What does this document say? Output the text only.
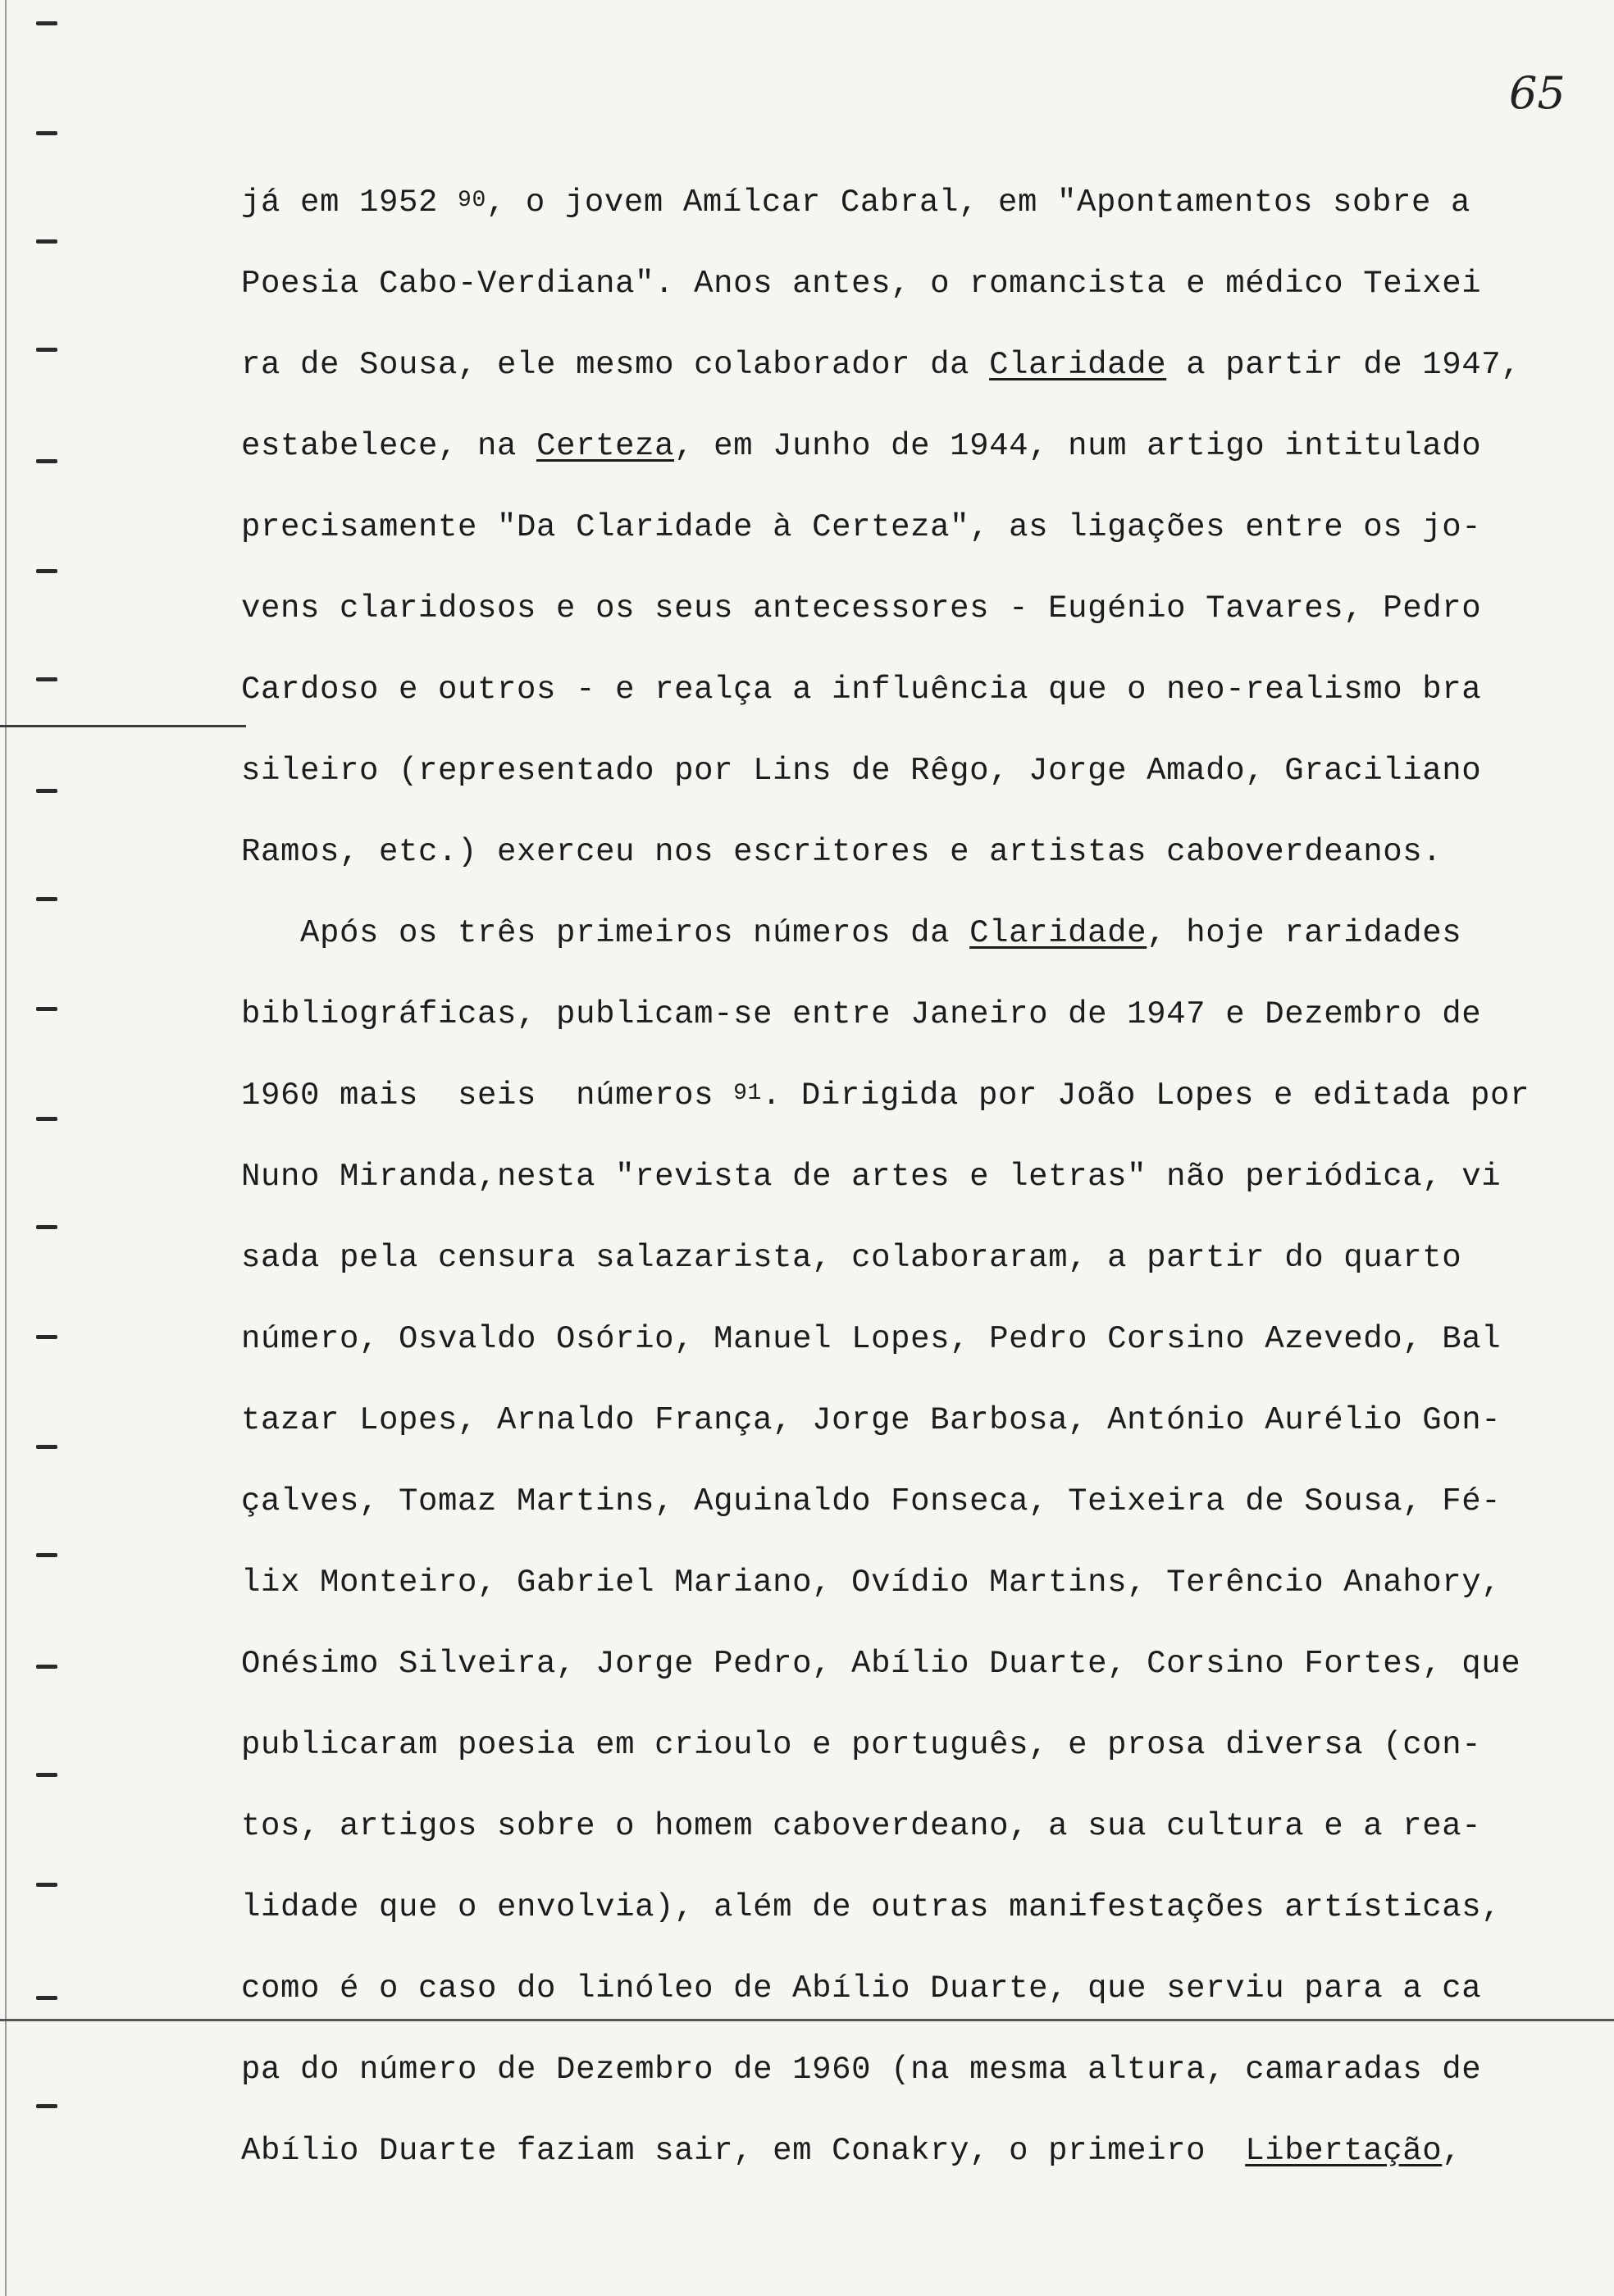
65
já em 1952 $^{90}$, o jovem Amílcar Cabral, em "Apontamentos sobre a
Poesia Cabo-Verdiana". Anos antes, o romancista e médico Teixei
ra de Sousa, ele mesmo colaborador da Claridade a partir de 1947,
estabelece, na Certeza, em Junho de 1944, num artigo intitulado
precisamente "Da Claridade à Certeza", as ligações entre os jo-
vens claridosos e os seus antecessores - Eugénio Tavares, Pedro
Cardoso e outros - e realça a influência que o neo-realismo bra
sileiro (representado por Lins de Rêgo, Jorge Amado, Graciliano
Ramos, etc.) exerceu nos escritores e artistas caboverdeanos.
Após os três primeiros números da Claridade, hoje raridades
bibliográficas, publicam-se entre Janeiro de 1947 e Dezembro de
1960 mais  seis  números $^{91}$. Dirigida por João Lopes e editada por
Nuno Miranda,nesta "revista de artes e letras" não periódica, vi
sada pela censura salazarista, colaboraram, a partir do quarto
número, Osvaldo Osório, Manuel Lopes, Pedro Corsino Azevedo, Bal
tazar Lopes, Arnaldo França, Jorge Barbosa, António Aurélio Gon-
çalves, Tomaz Martins, Aguinaldo Fonseca, Teixeira de Sousa, Fé-
lix Monteiro, Gabriel Mariano, Ovídio Martins, Terêncio Anahory,
Onésimo Silveira, Jorge Pedro, Abílio Duarte, Corsino Fortes, que
publicaram poesia em crioulo e português, e prosa diversa (con-
tos, artigos sobre o homem caboverdeano, a sua cultura e a rea-
lidade que o envolvia), além de outras manifestações artísticas,
como é o caso do linóleo de Abílio Duarte, que serviu para a ca
pa do número de Dezembro de 1960 (na mesma altura, camaradas de
Abílio Duarte faziam sair, em Conakry, o primeiro  Libertação,
